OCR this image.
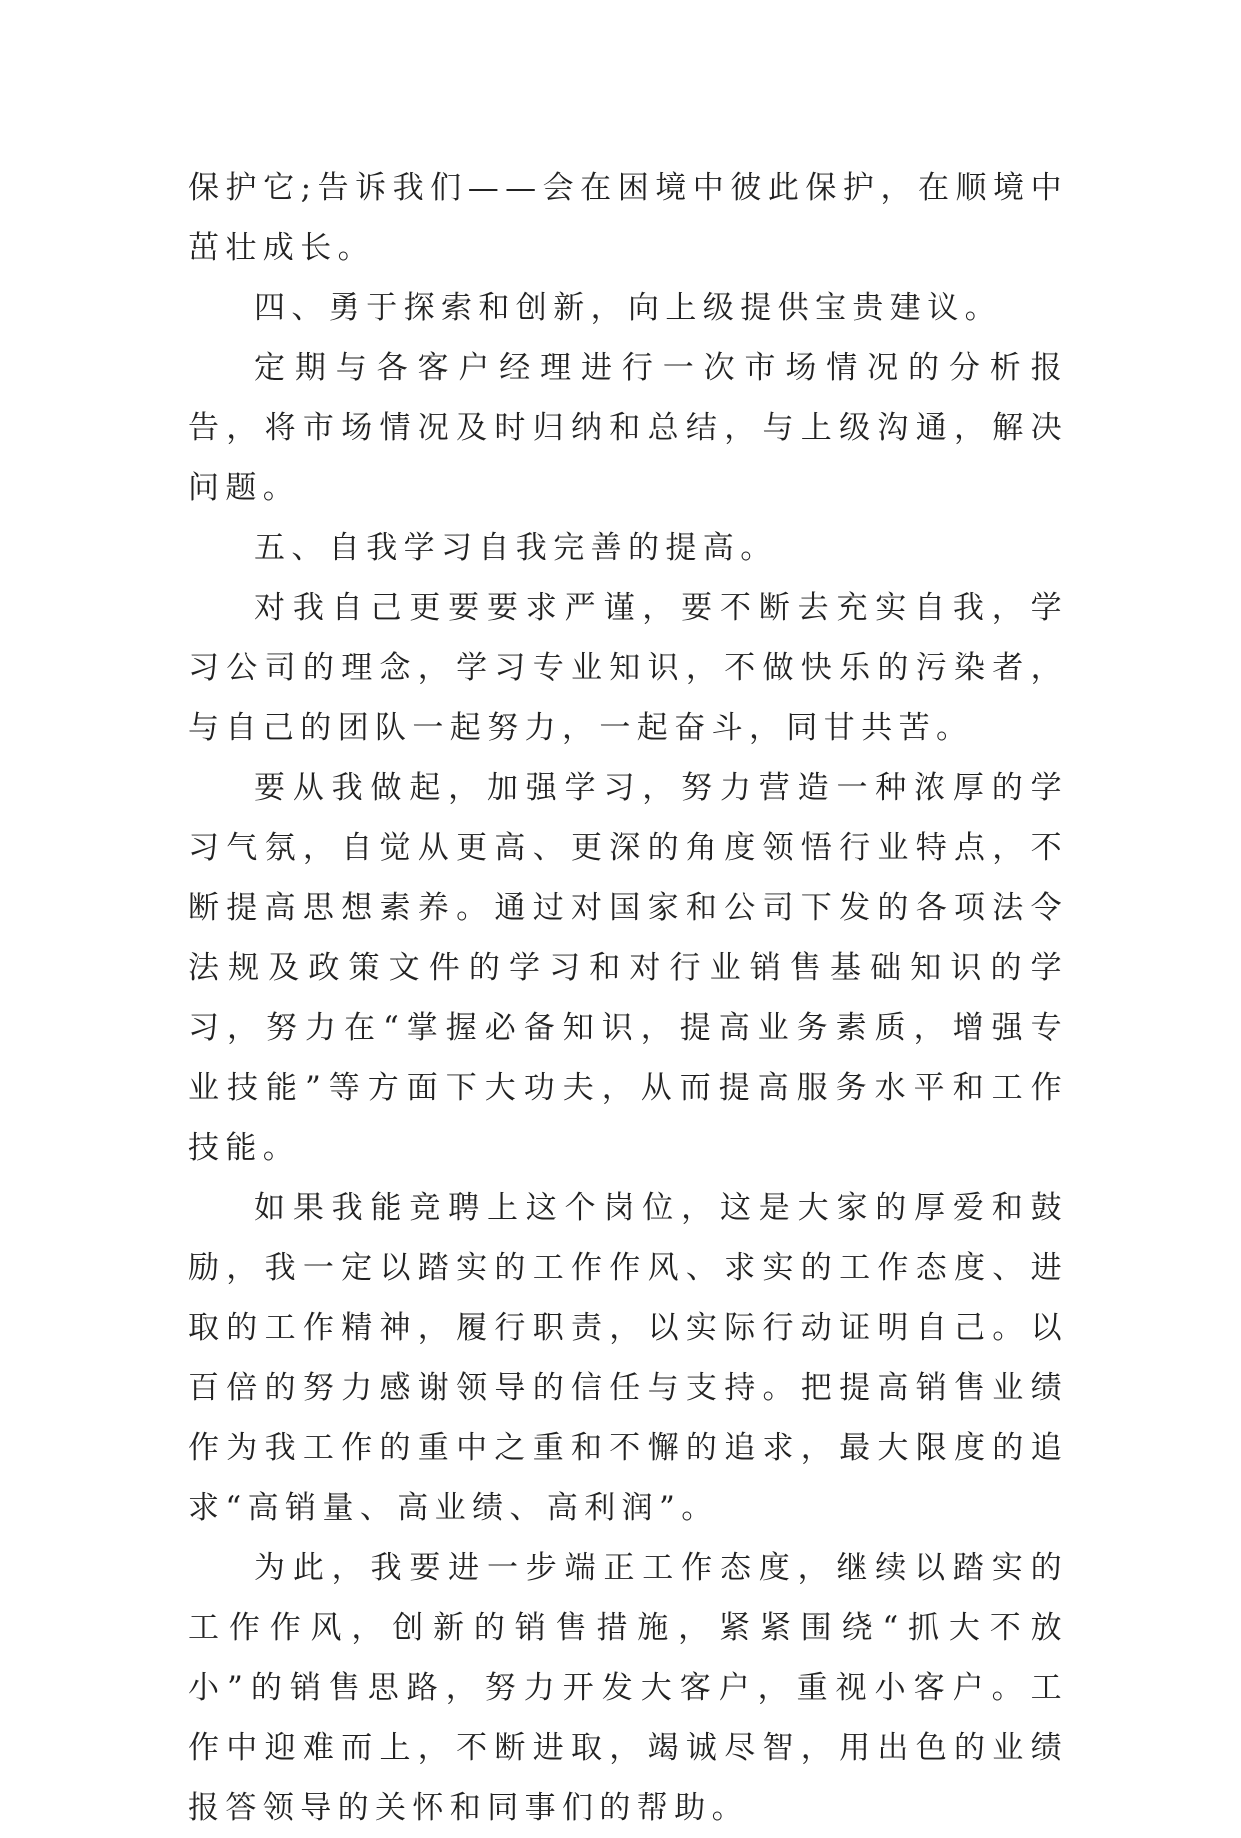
保护它;告诉我们——会在困境中彼此保护，在顺境中茁壮成长。

四、勇于探索和创新，向上级提供宝贵建议。

定期与各客户经理进行一次市场情况的分析报告，将市场情况及时归纳和总结，与上级沟通，解决问题。

五、自我学习自我完善的提高。

对我自己更要要求严谨，要不断去充实自我，学习公司的理念，学习专业知识，不做快乐的污染者，与自己的团队一起努力，一起奋斗，同甘共苦。

要从我做起，加强学习，努力营造一种浓厚的学习气氛，自觉从更高、更深的角度领悟行业特点，不断提高思想素养。通过对国家和公司下发的各项法令法规及政策文件的学习和对行业销售基础知识的学习，努力在“掌握必备知识，提高业务素质，增强专业技能”等方面下大功夫，从而提高服务水平和工作技能。

如果我能竞聘上这个岗位，这是大家的厚爱和鼓励，我一定以踏实的工作作风、求实的工作态度、进取的工作精神，履行职责，以实际行动证明自己。以百倍的努力感谢领导的信任与支持。把提高销售业绩作为我工作的重中之重和不懈的追求，最大限度的追求“高销量、高业绩、高利润”。

为此，我要进一步端正工作态度，继续以踏实的工作作风，创新的销售措施，紧紧围绕“抓大不放小”的销售思路，努力开发大客户，重视小客户。工作中迎难而上，不断进取，竭诚尽智，用出色的业绩报答领导的关怀和同事们的帮助。
